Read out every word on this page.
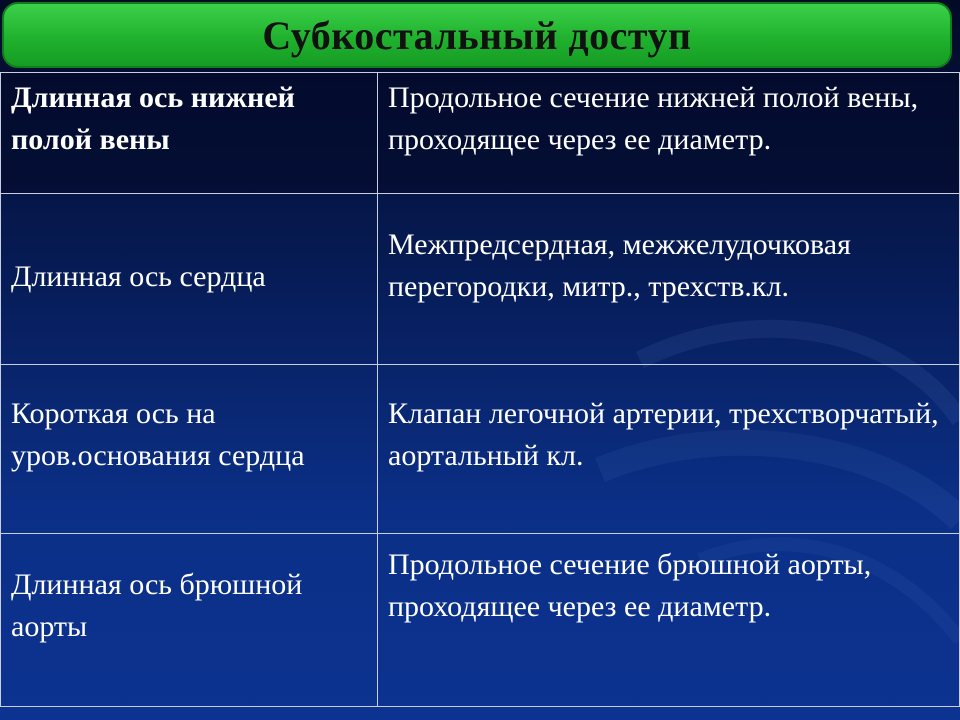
Субкостальный доступ
Длинная ось нижней полой вены	Продольное сечение нижней полой вены, проходящее через ее диаметр.
Длинная ось сердца	Межпредсердная, межжелудочковая перегородки, митр., трехств.кл.
Короткая ось на уров.основания сердца	Клапан легочной артерии, трехстворчатый, аортальный кл.
Длинная ось брюшной аорты	Продольное сечение брюшной аорты, проходящее через ее диаметр.
